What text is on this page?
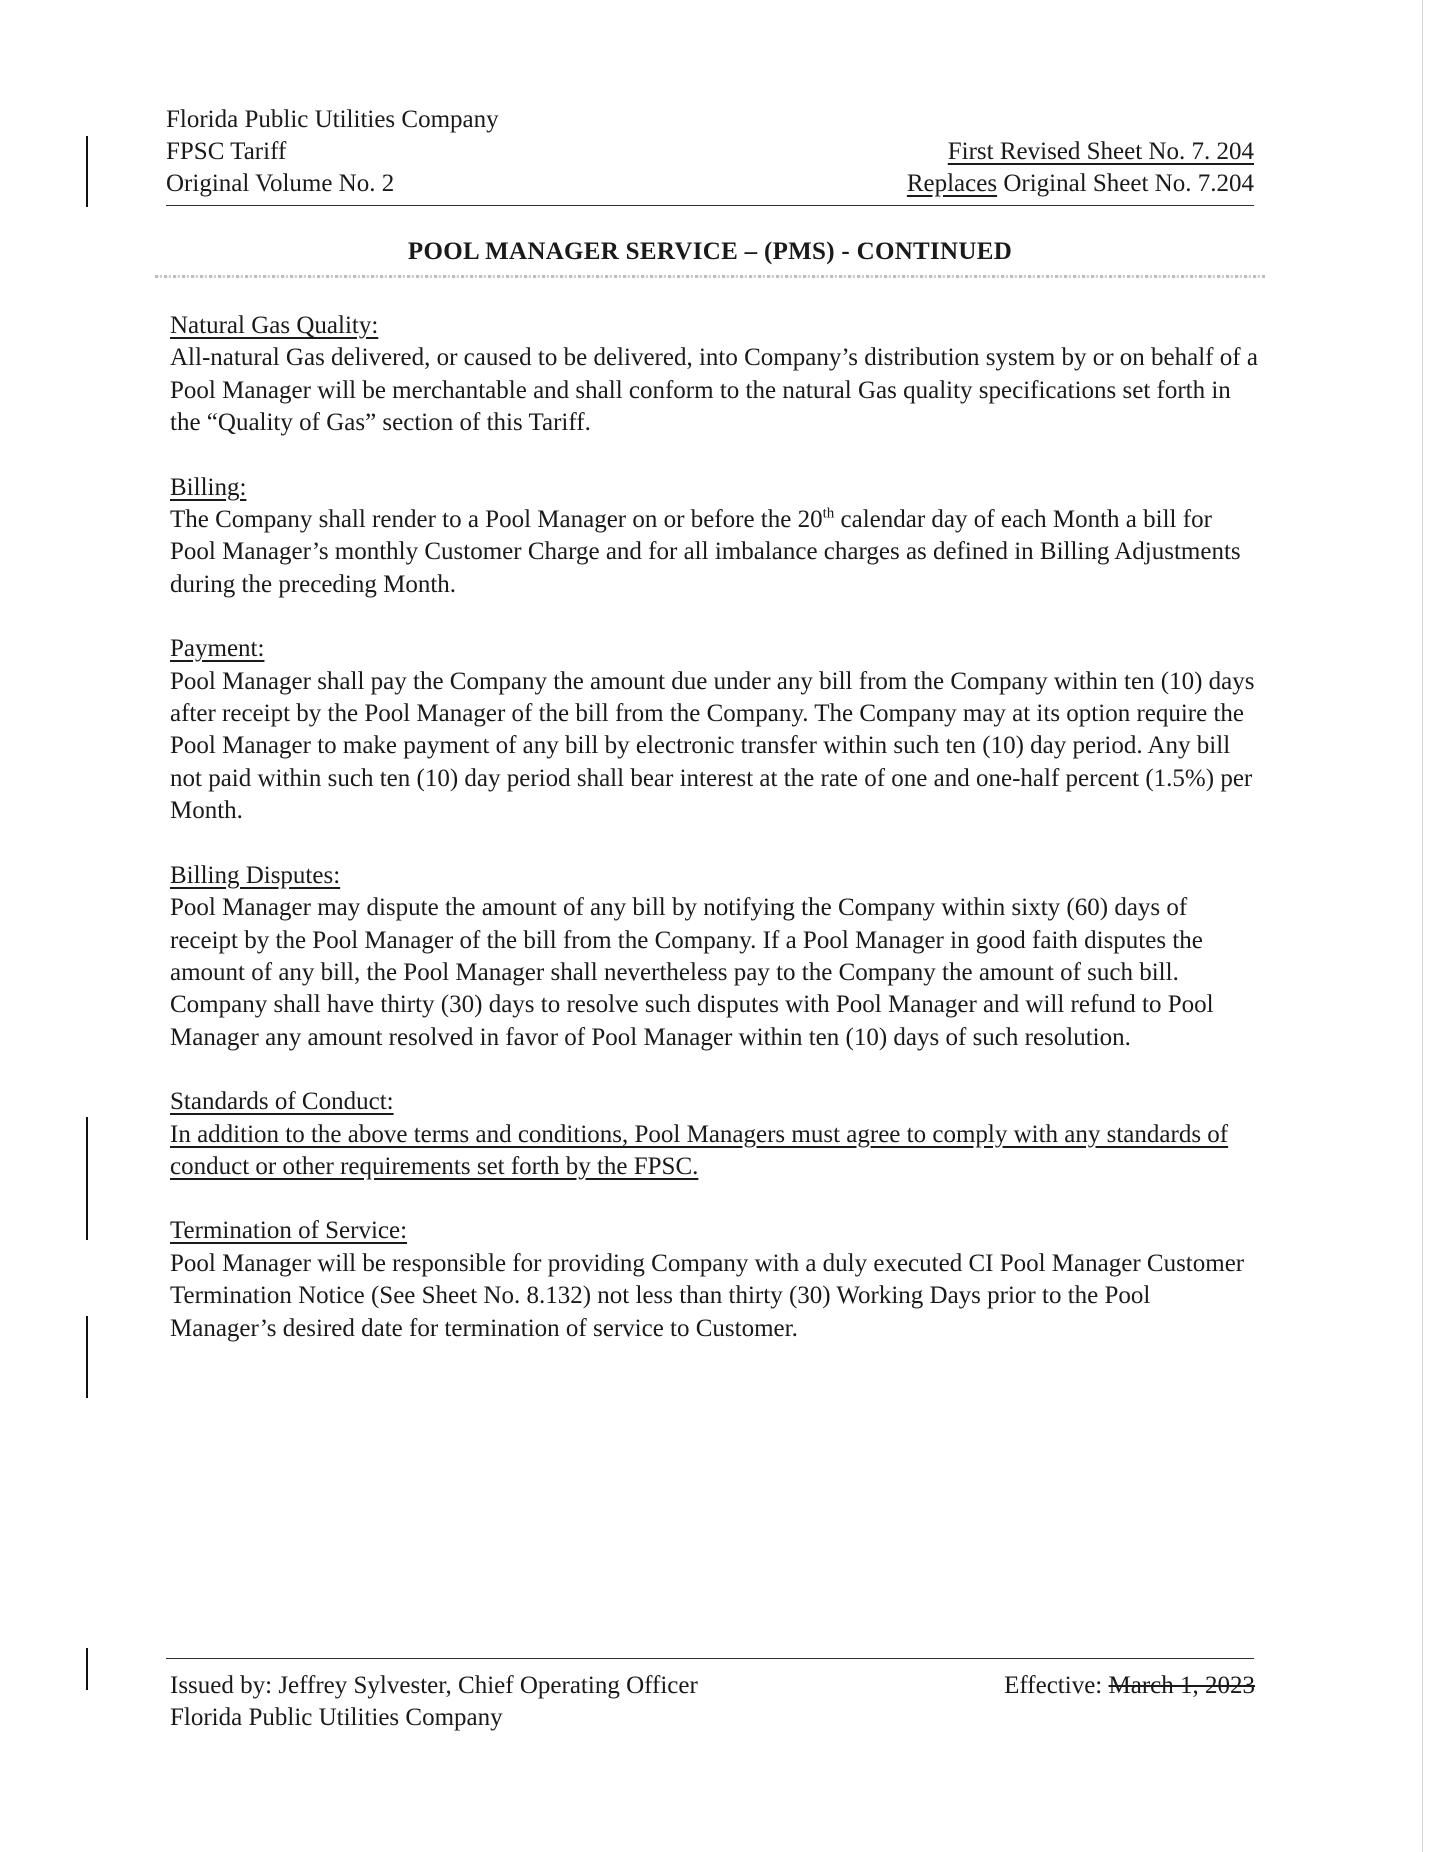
Florida Public Utilities Company
FPSC Tariff	First Revised Sheet No. 7. 204
Original Volume No. 2	Replaces Original Sheet No. 7.204
POOL MANAGER SERVICE – (PMS) - CONTINUED
Natural Gas Quality:

All-natural Gas delivered, or caused to be delivered, into Company’s distribution system by or on behalf of a Pool Manager will be merchantable and shall conform to the natural Gas quality specifications set forth in the “Quality of Gas” section of this Tariff.

Billing:

The Company shall render to a Pool Manager on or before the 20th calendar day of each Month a bill for Pool Manager’s monthly Customer Charge and for all imbalance charges as defined in Billing Adjustments during the preceding Month.

Payment:

Pool Manager shall pay the Company the amount due under any bill from the Company within ten (10) days after receipt by the Pool Manager of the bill from the Company. The Company may at its option require the Pool Manager to make payment of any bill by electronic transfer within such ten (10) day period. Any bill not paid within such ten (10) day period shall bear interest at the rate of one and one-half percent (1.5%) per Month.

Billing Disputes:

Pool Manager may dispute the amount of any bill by notifying the Company within sixty (60) days of receipt by the Pool Manager of the bill from the Company. If a Pool Manager in good faith disputes the amount of any bill, the Pool Manager shall nevertheless pay to the Company the amount of such bill. Company shall have thirty (30) days to resolve such disputes with Pool Manager and will refund to Pool Manager any amount resolved in favor of Pool Manager within ten (10) days of such resolution.

Standards of Conduct:

In addition to the above terms and conditions, Pool Managers must agree to comply with any standards of conduct or other requirements set forth by the FPSC.

Termination of Service:

Pool Manager will be responsible for providing Company with a duly executed CI Pool Manager Customer Termination Notice (See Sheet No. 8.132) not less than thirty (30) Working Days prior to the Pool Manager’s desired date for termination of service to Customer.

Issued by: Jeffrey Sylvester, Chief Operating Officer	Effective: March 1, 2023
Florida Public Utilities Company
